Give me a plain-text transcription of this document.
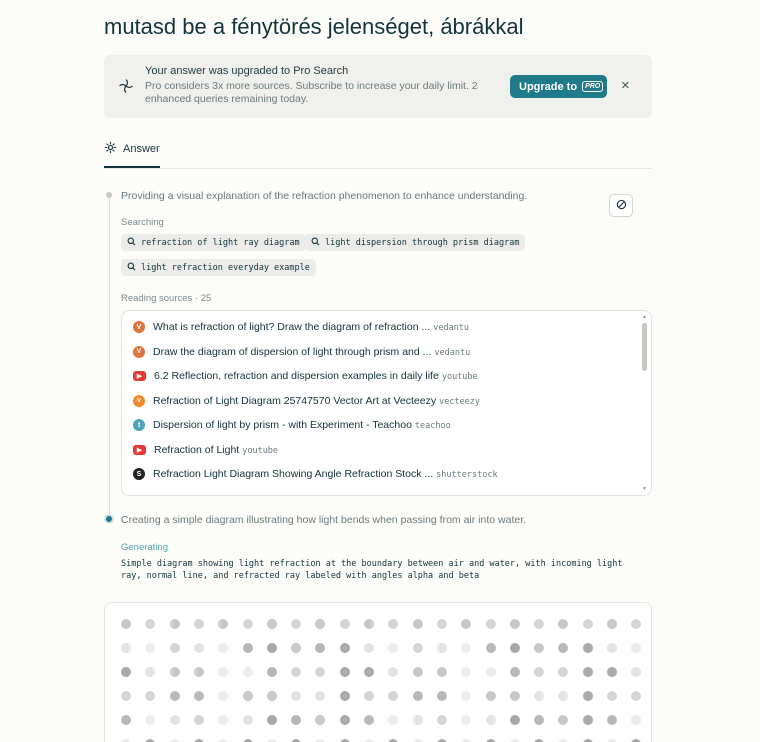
mutasd be a fénytörés jelenséget, ábrákkal
Your answer was upgraded to Pro Search
Pro considers 3x more sources. Subscribe to increase your daily limit. 2 enhanced queries remaining today.
Upgrade to	PRO ×
Answer
Providing a visual explanation of the refraction phenomenon to enhance understanding.
Searching
refraction of light ray diagram	light dispersion through prism diagram
light refraction everyday example
Reading sources · 25
V	What is refraction of light? Draw the diagram of refraction ... vedantu
V	Draw the diagram of dispersion of light through prism and ... vedantu
▶	6.2 Reflection, refraction and dispersion examples in daily life youtube
v	Refraction of Light Diagram 25747570 Vector Art at Vecteezy vecteezy
t	Dispersion of light by prism - with Experiment - Teachoo teachoo
▶	Refraction of Light youtube
S	Refraction Light Diagram Showing Angle Refraction Stock ... shutterstock
▲
▼
Creating a simple diagram illustrating how light bends when passing from air into water.
Generating
Simple diagram showing light refraction at the boundary between air and water, with incoming light ray, normal line, and refracted ray labeled with angles alpha and beta
